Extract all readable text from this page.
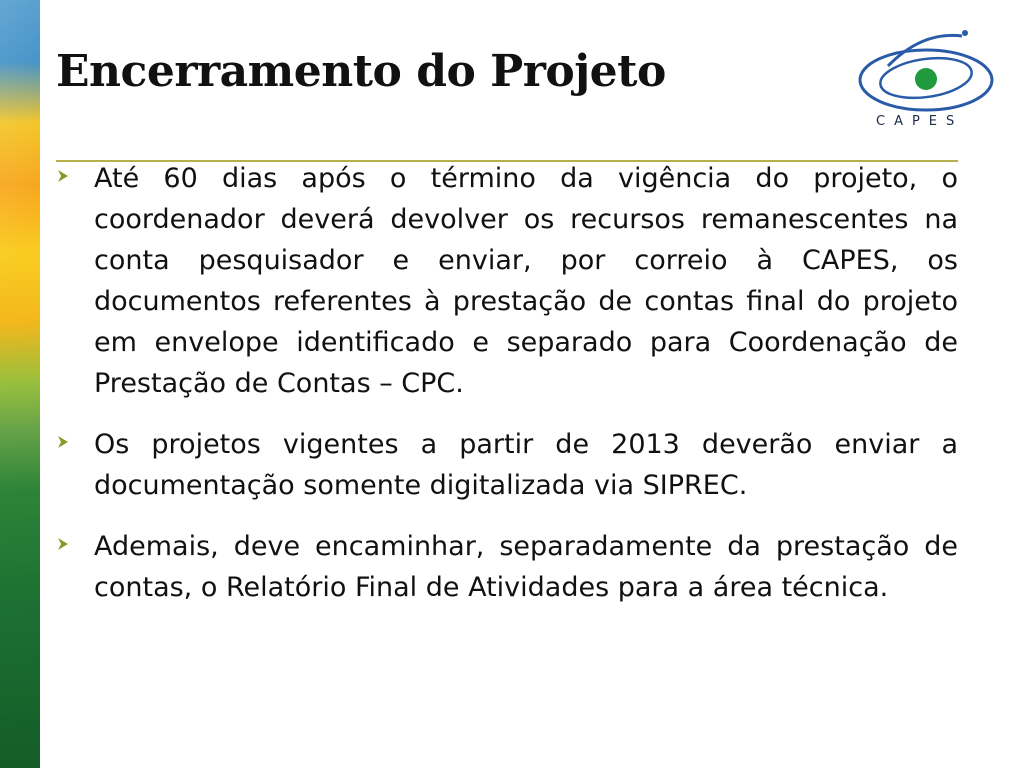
Encerramento do Projeto
CAPES
Até 60 dias após o término da vigência do projeto, o coordenador deverá devolver os recursos remanescentes na conta pesquisador e enviar, por correio à CAPES, os documentos referentes à prestação de contas final do projeto em envelope identificado e separado para Coordenação de Prestação de Contas – CPC.
Os projetos vigentes a partir de 2013 deverão enviar a documentação somente digitalizada via SIPREC.
Ademais, deve encaminhar, separadamente da prestação de contas, o Relatório Final de Atividades para a área técnica.
